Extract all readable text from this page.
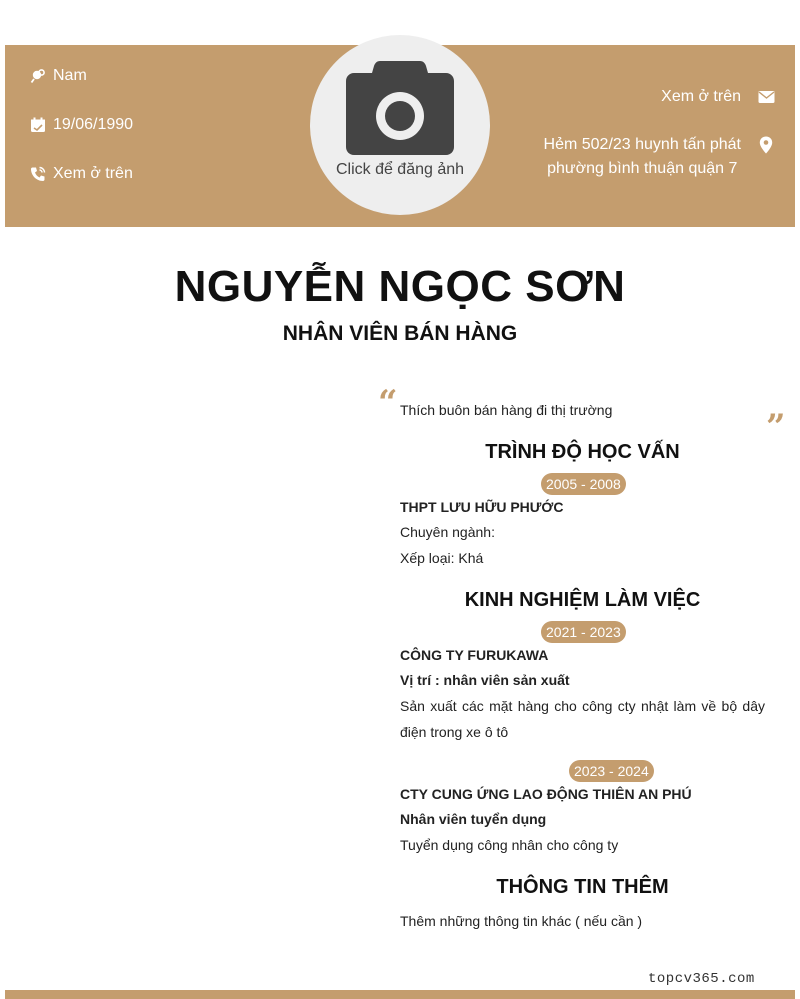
Nam
19/06/1990
Xem ở trên
Xem ở trên
Hẻm 502/23 huynh tấn phát
phường bình thuận quận 7
Click để đăng ảnh
NGUYỄN NGỌC SƠN
NHÂN VIÊN BÁN HÀNG
“ Thích buôn bán hàng đi thị trường	”
TRÌNH ĐỘ HỌC VẤN
2005 - 2008
THPT LƯU HỮU PHƯỚC
Chuyên ngành:
Xếp loại: Khá
KINH NGHIỆM LÀM VIỆC
2021 - 2023
CÔNG TY FURUKAWA
Vị trí : nhân viên sản xuất
Sản xuất các mặt hàng cho công cty nhật làm về bộ dây điện trong xe ô tô
2023 - 2024
CTY CUNG ỨNG LAO ĐỘNG THIÊN AN PHÚ
Nhân viên tuyển dụng
Tuyển dụng công nhân cho công ty
THÔNG TIN THÊM
Thêm những thông tin khác ( nếu cần )
topcv365.com
